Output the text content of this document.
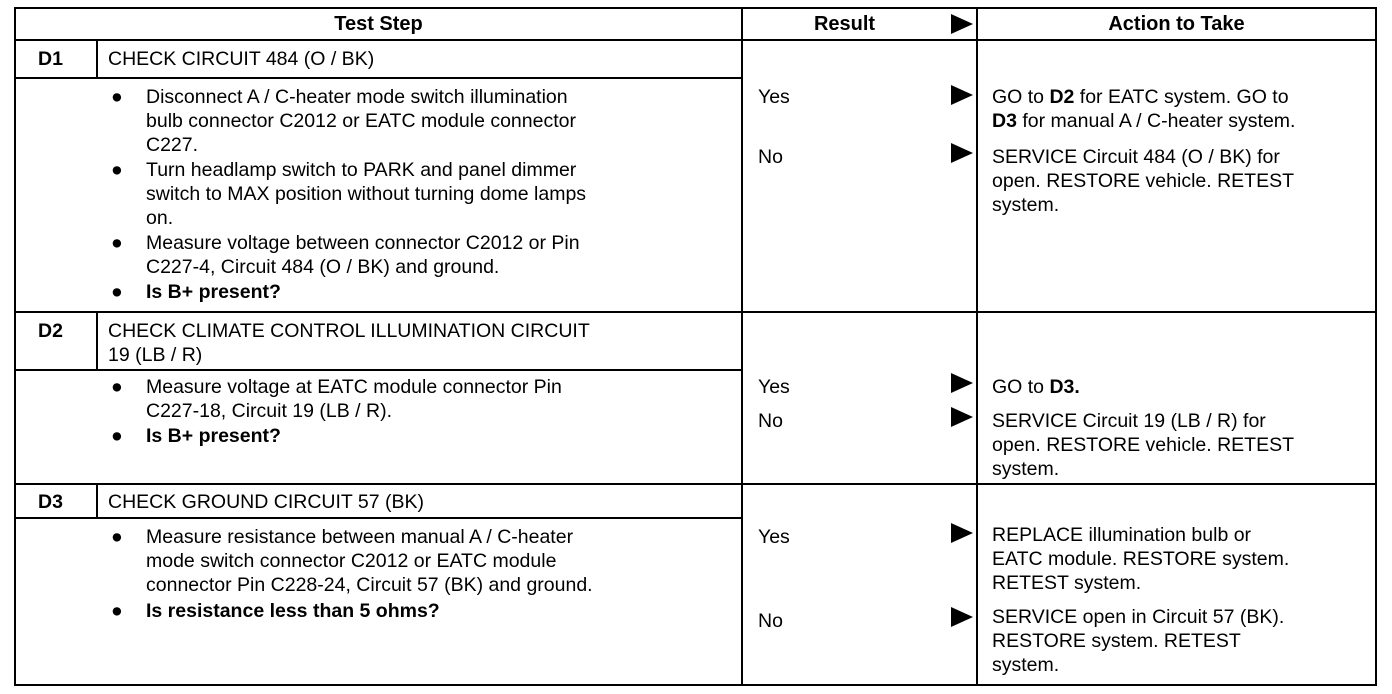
Test Step	Result	Action to Take
D1 CHECK CIRCUIT 484 (O / BK)
● Disconnect A / C-heater mode switch illumination
bulb connector C2012 or EATC module connector
C227.
● Turn headlamp switch to PARK and panel dimmer
switch to MAX position without turning dome lamps
on.
● Measure voltage between connector C2012 or Pin
C227-4, Circuit 484 (O / BK) and ground.
● Is B+ present?
Yes	GO to D2 for EATC system. GO to
D3 for manual A / C-heater system.
No	SERVICE Circuit 484 (O / BK) for
open. RESTORE vehicle. RETEST
system.
D2 CHECK CLIMATE CONTROL ILLUMINATION CIRCUIT
19 (LB / R)
● Measure voltage at EATC module connector Pin
C227-18, Circuit 19 (LB / R).
● Is B+ present?
Yes	GO to D3.
No	SERVICE Circuit 19 (LB / R) for
open. RESTORE vehicle. RETEST
system.
D3 CHECK GROUND CIRCUIT 57 (BK)
● Measure resistance between manual A / C-heater
mode switch connector C2012 or EATC module
connector Pin C228-24, Circuit 57 (BK) and ground.
● Is resistance less than 5 ohms?
Yes	REPLACE illumination bulb or
EATC module. RESTORE system.
RETEST system.
No	SERVICE open in Circuit 57 (BK).
RESTORE system. RETEST
system.
